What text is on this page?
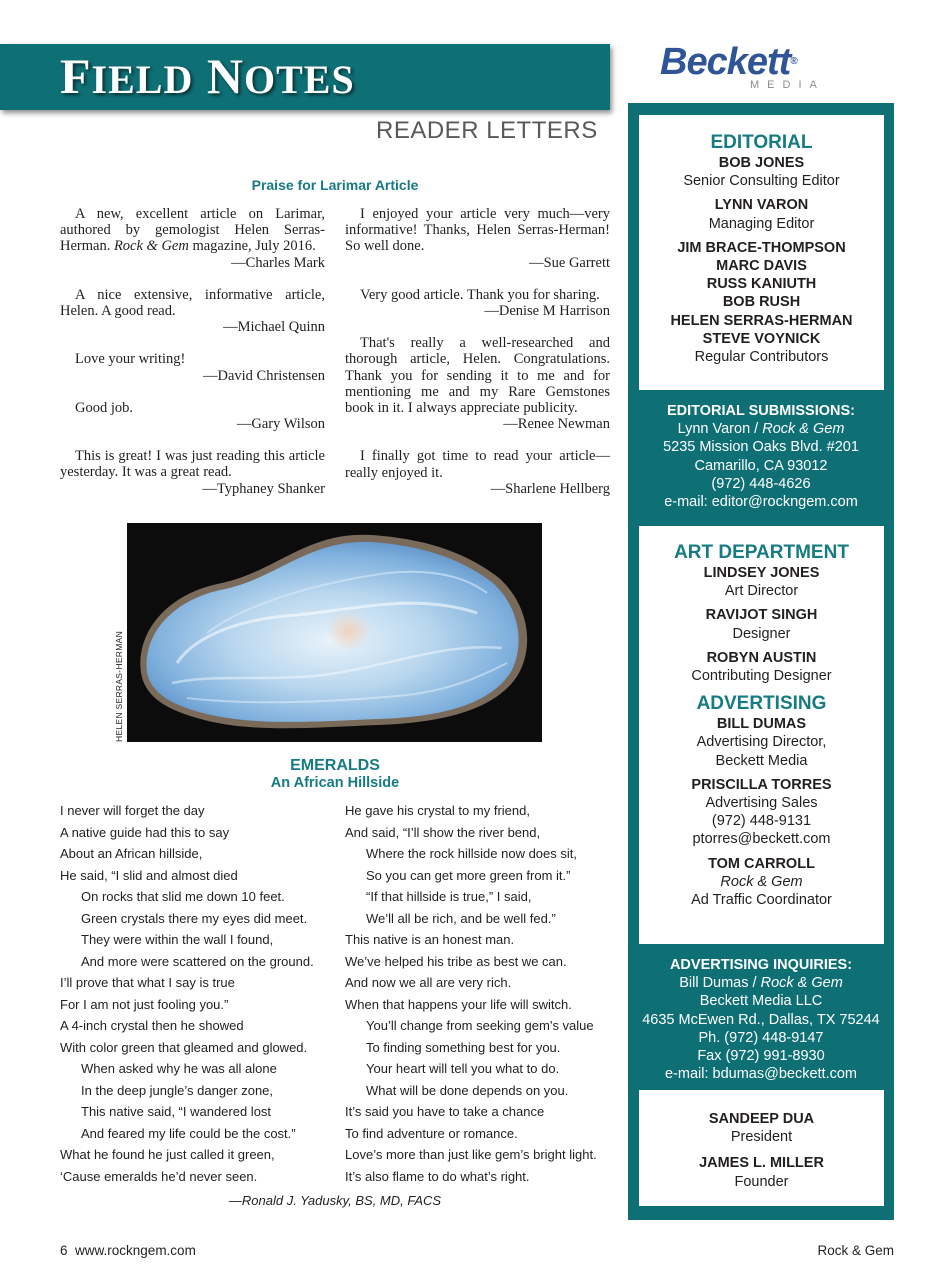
FIELD NOTES
READER LETTERS
Praise for Larimar Article

A new, excellent article on Larimar, authored by gemologist Helen Serras-Herman. Rock & Gem magazine, July 2016.

—Charles Mark

A nice extensive, informative article, Helen. A good read.

—Michael Quinn

Love your writing!

—David Christensen

Good job.

—Gary Wilson

This is great! I was just reading this article yesterday. It was a great read.

—Typhaney Shanker

I enjoyed your article very much—very informative! Thanks, Helen Serras-Herman! So well done.

—Sue Garrett

Very good article. Thank you for sharing.

—Denise M Harrison

That's really a well-researched and thorough article, Helen. Congratulations. Thank you for sending it to me and for mentioning me and my Rare Gemstones book in it. I always appreciate publicity.

—Renee Newman

I finally got time to read your article—really enjoyed it.

—Sharlene Hellberg

HELEN SERRAS-HERMAN
EMERALDS
An African Hillside
I never will forget the day
A native guide had this to say
About an African hillside,
He said, “I slid and almost died
On rocks that slid me down 10 feet.
Green crystals there my eyes did meet.
They were within the wall I found,
And more were scattered on the ground.
I’ll prove that what I say is true
For I am not just fooling you.”
A 4-inch crystal then he showed
With color green that gleamed and glowed.
When asked why he was all alone
In the deep jungle’s danger zone,
This native said, “I wandered lost
And feared my life could be the cost.”
What he found he just called it green,
‘Cause emeralds he’d never seen.
He gave his crystal to my friend,
And said, “I’ll show the river bend,
Where the rock hillside now does sit,
So you can get more green from it.”
“If that hillside is true,” I said,
We’ll all be rich, and be well fed.”
This native is an honest man.
We’ve helped his tribe as best we can.
And now we all are very rich.
When that happens your life will switch.
You’ll change from seeking gem’s value
To finding something best for you.
Your heart will tell you what to do.
What will be done depends on you.
It’s said you have to take a chance
To find adventure or romance.
Love’s more than just like gem’s bright light.
It’s also flame to do what’s right.
—Ronald J. Yadusky, BS, MD, FACS
6 www.rockngem.com	Rock & Gem
Beckett®
MEDIA
EDITORIAL
BOB JONES
Senior Consulting Editor
LYNN VARON
Managing Editor
JIM BRACE-THOMPSON
MARC DAVIS
RUSS KANIUTH
BOB RUSH
HELEN SERRAS-HERMAN
STEVE VOYNICK
Regular Contributors
EDITORIAL SUBMISSIONS:
Lynn Varon / Rock & Gem
5235 Mission Oaks Blvd. #201
Camarillo, CA 93012
(972) 448-4626
e-mail: editor@rockngem.com
ART DEPARTMENT
LINDSEY JONES
Art Director
RAVIJOT SINGH
Designer
ROBYN AUSTIN
Contributing Designer
ADVERTISING
BILL DUMAS
Advertising Director,
Beckett Media
PRISCILLA TORRES
Advertising Sales
(972) 448-9131
ptorres@beckett.com
TOM CARROLL
Rock & Gem
Ad Traffic Coordinator
ADVERTISING INQUIRIES:
Bill Dumas / Rock & Gem
Beckett Media LLC
4635 McEwen Rd., Dallas, TX 75244
Ph. (972) 448-9147
Fax (972) 991-8930
e-mail: bdumas@beckett.com
SANDEEP DUA
President
JAMES L. MILLER
Founder
